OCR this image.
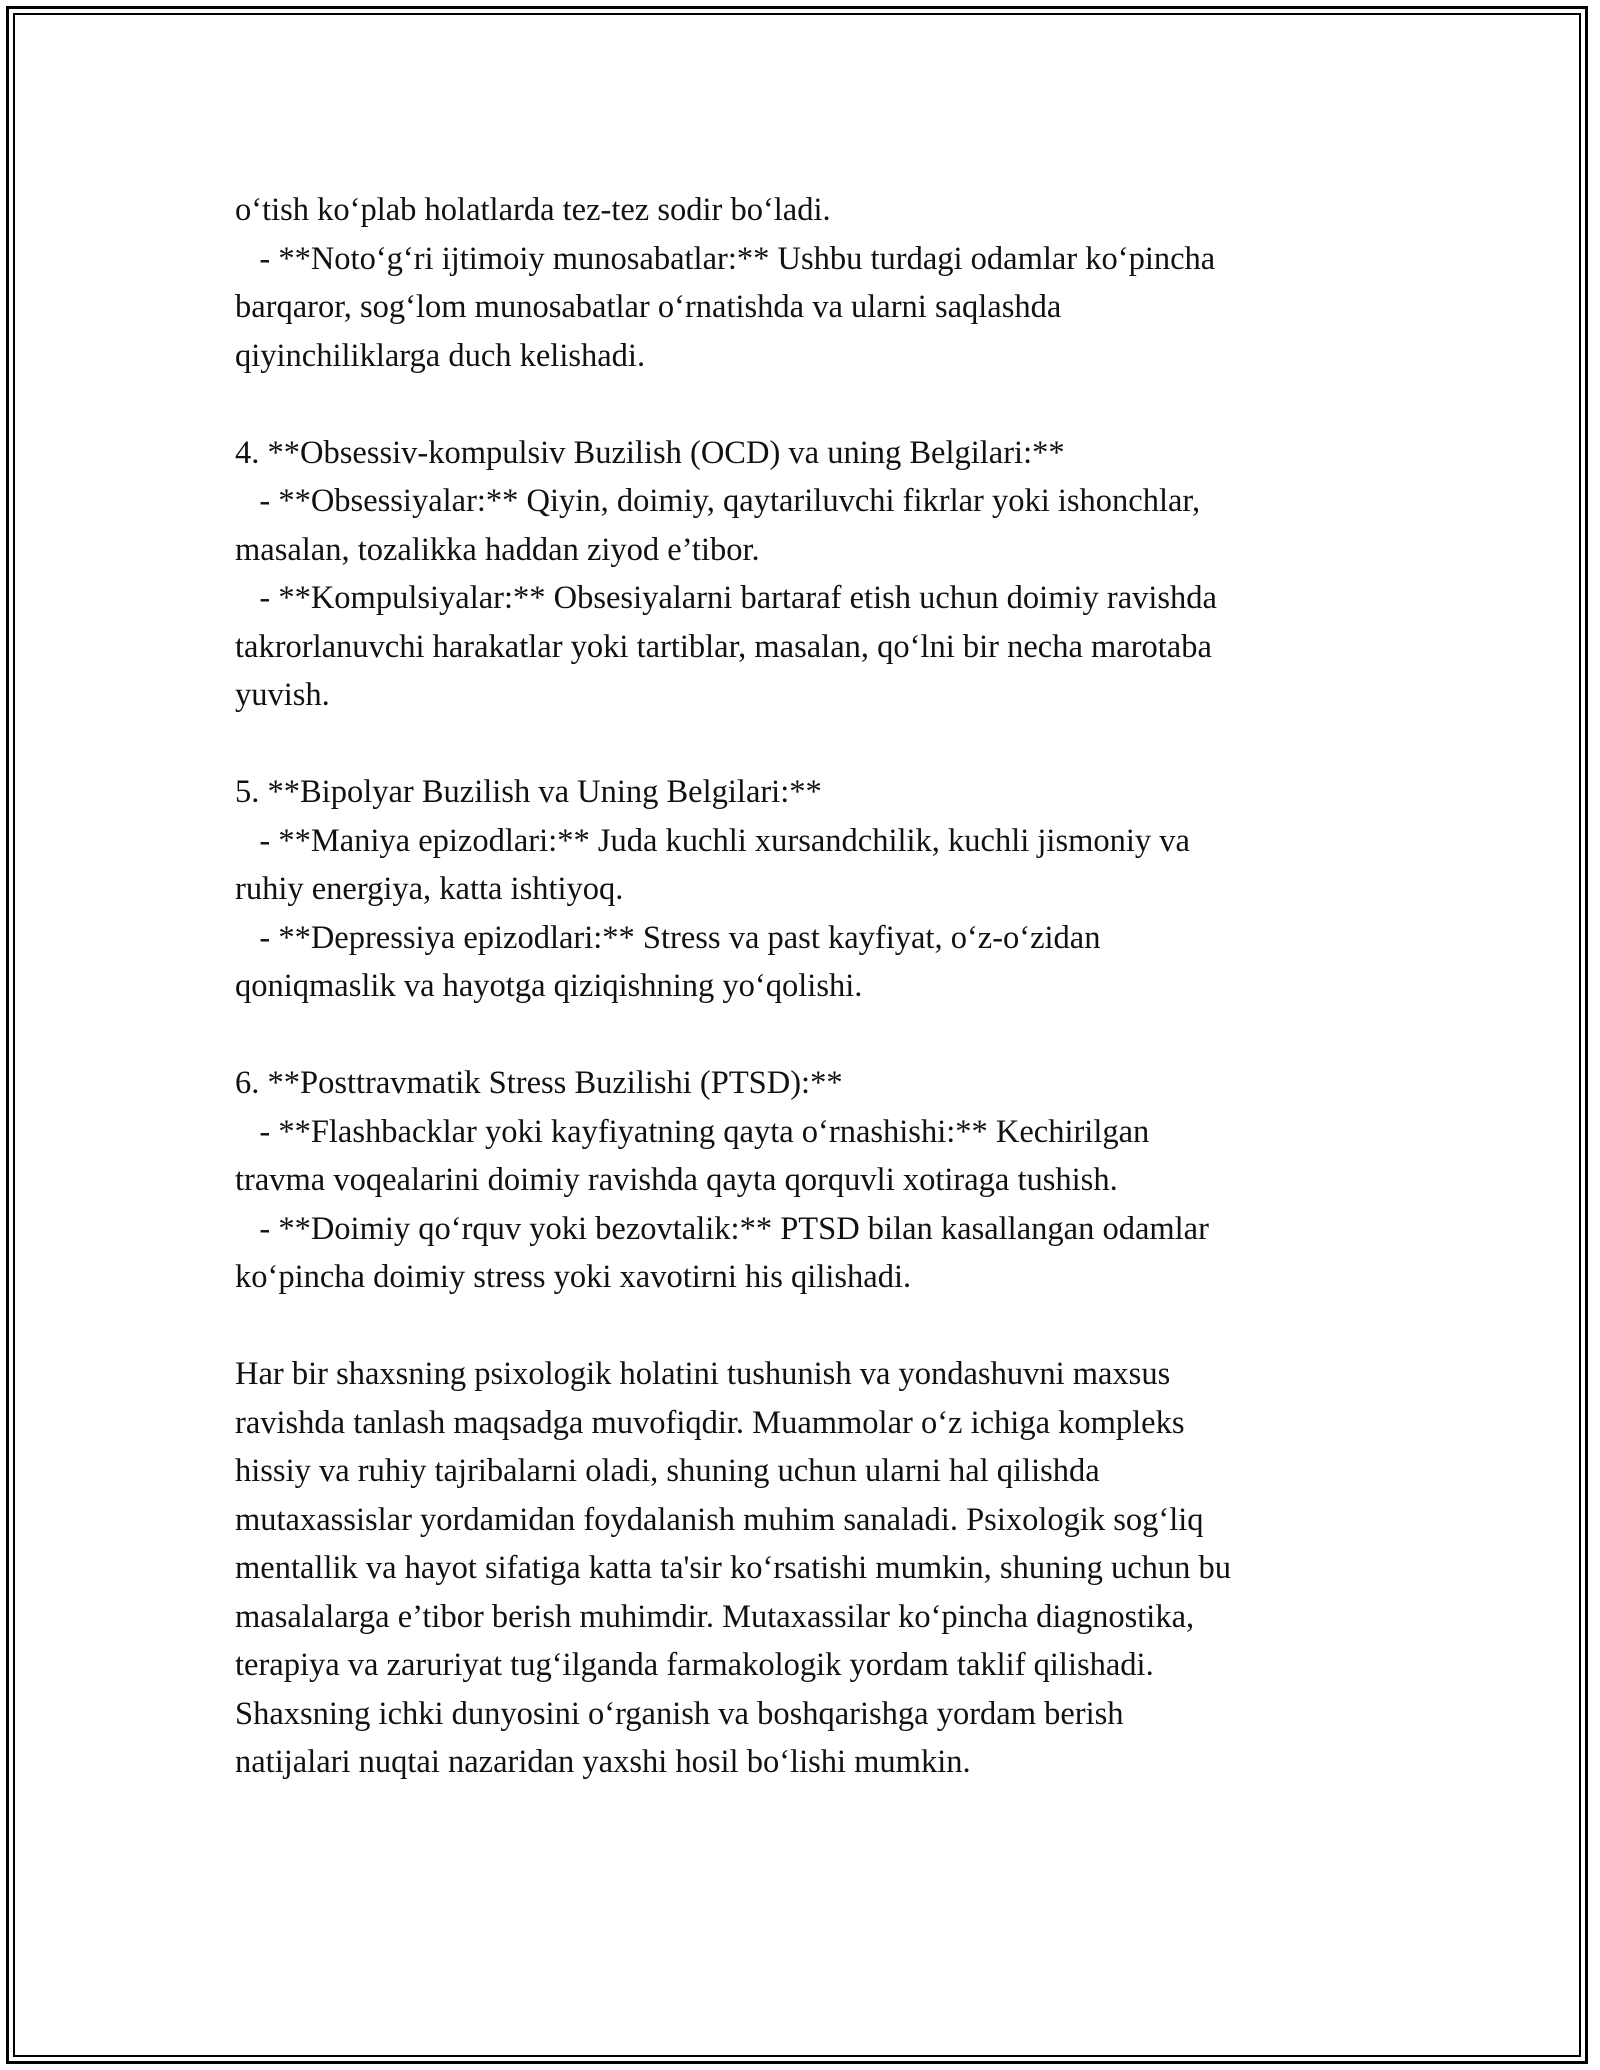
o‘tish ko‘plab holatlarda tez-tez sodir bo‘ladi.
- **Noto‘g‘ri ijtimoiy munosabatlar:** Ushbu turdagi odamlar ko‘pincha
barqaror, sog‘lom munosabatlar o‘rnatishda va ularni saqlashda
qiyinchiliklarga duch kelishadi.
4. **Obsessiv-kompulsiv Buzilish (OCD) va uning Belgilari:**
- **Obsessiyalar:** Qiyin, doimiy, qaytariluvchi fikrlar yoki ishonchlar,
masalan, tozalikka haddan ziyod e’tibor.
- **Kompulsiyalar:** Obsesiyalarni bartaraf etish uchun doimiy ravishda
takrorlanuvchi harakatlar yoki tartiblar, masalan, qo‘lni bir necha marotaba
yuvish.
5. **Bipolyar Buzilish va Uning Belgilari:**
- **Maniya epizodlari:** Juda kuchli xursandchilik, kuchli jismoniy va
ruhiy energiya, katta ishtiyoq.
- **Depressiya epizodlari:** Stress va past kayfiyat, o‘z-o‘zidan
qoniqmaslik va hayotga qiziqishning yo‘qolishi.
6. **Posttravmatik Stress Buzilishi (PTSD):**
- **Flashbacklar yoki kayfiyatning qayta o‘rnashishi:** Kechirilgan
travma voqealarini doimiy ravishda qayta qorquvli xotiraga tushish.
- **Doimiy qo‘rquv yoki bezovtalik:** PTSD bilan kasallangan odamlar
ko‘pincha doimiy stress yoki xavotirni his qilishadi.
Har bir shaxsning psixologik holatini tushunish va yondashuvni maxsus
ravishda tanlash maqsadga muvofiqdir. Muammolar o‘z ichiga kompleks
hissiy va ruhiy tajribalarni oladi, shuning uchun ularni hal qilishda
mutaxassislar yordamidan foydalanish muhim sanaladi. Psixologik sog‘liq
mentallik va hayot sifatiga katta ta'sir ko‘rsatishi mumkin, shuning uchun bu
masalalarga e’tibor berish muhimdir. Mutaxassilar ko‘pincha diagnostika,
terapiya va zaruriyat tug‘ilganda farmakologik yordam taklif qilishadi.
Shaxsning ichki dunyosini o‘rganish va boshqarishga yordam berish
natijalari nuqtai nazaridan yaxshi hosil bo‘lishi mumkin.
